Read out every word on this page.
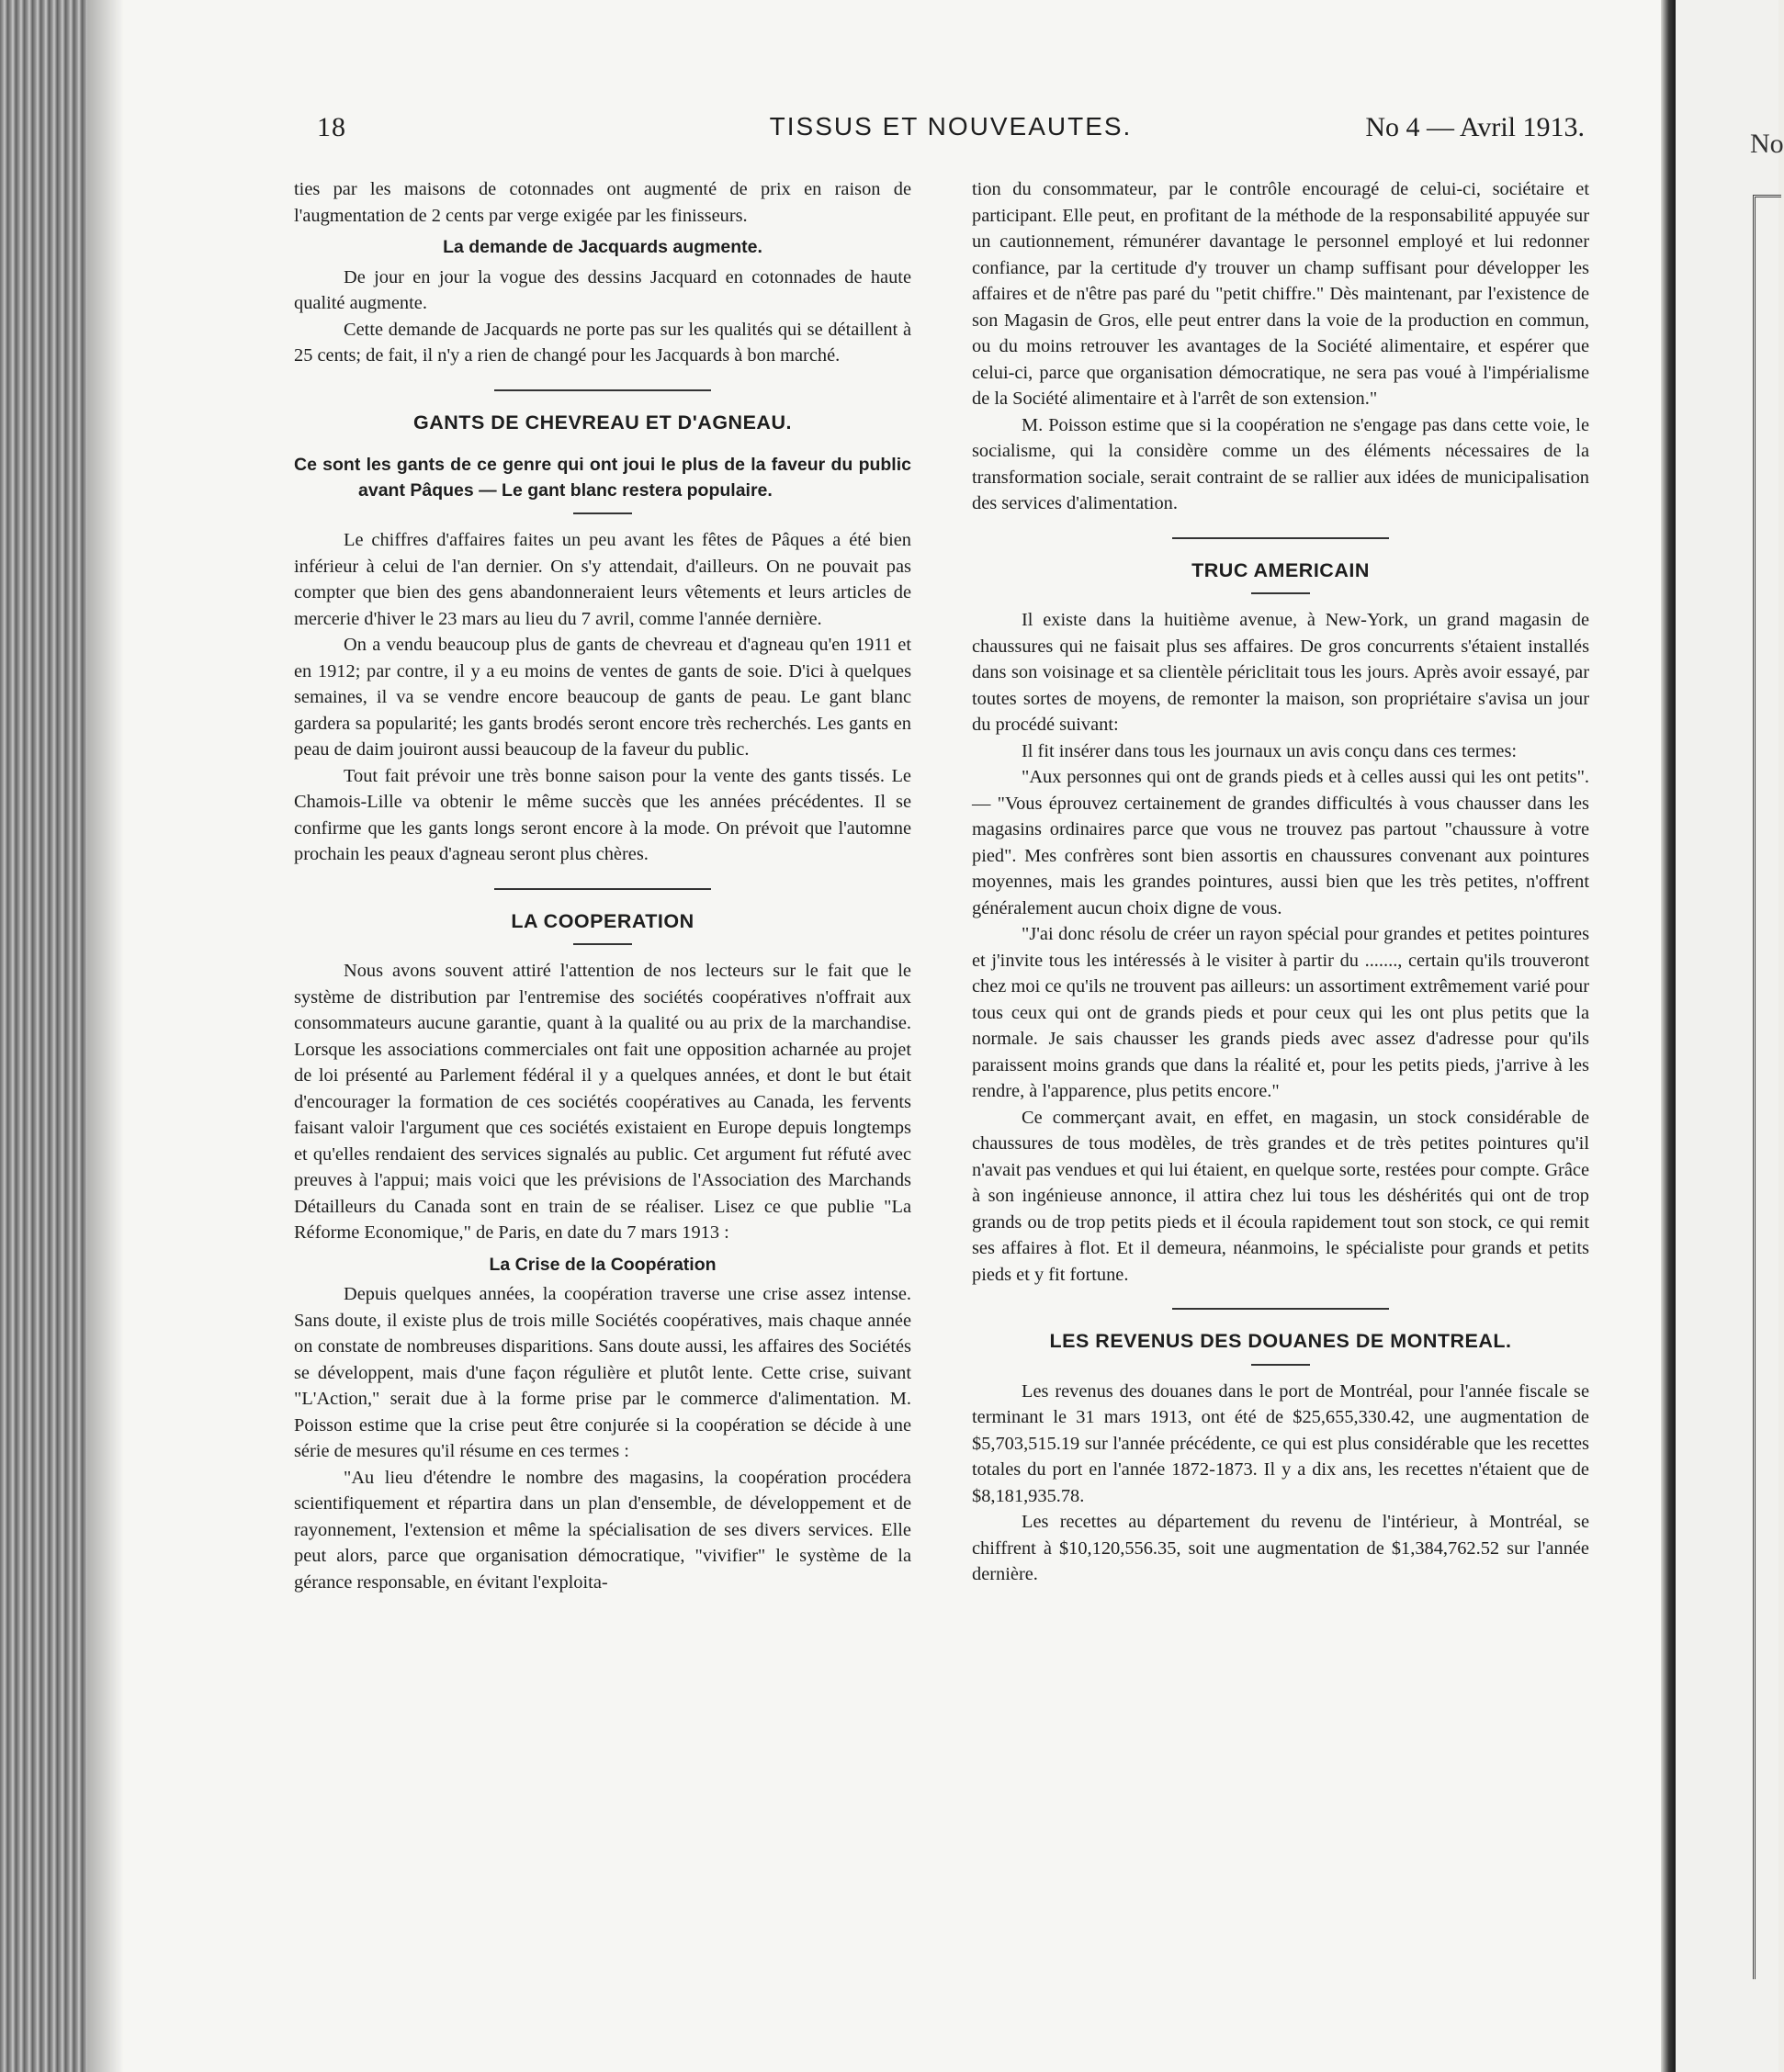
No
18	TISSUS ET NOUVEAUTES.	No 4 — Avril 1913.

ties par les maisons de cotonnades ont augmenté de prix en raison de l'augmentation de 2 cents par verge exigée par les finisseurs.

La demande de Jacquards augmente.

De jour en jour la vogue des dessins Jacquard en cotonnades de haute qualité augmente.

Cette demande de Jacquards ne porte pas sur les qualités qui se détaillent à 25 cents; de fait, il n'y a rien de changé pour les Jacquards à bon marché.

GANTS DE CHEVREAU ET D'AGNEAU.
Ce sont les gants de ce genre qui ont joui le plus de la faveur du public avant Pâques — Le gant blanc restera populaire.

Le chiffres d'affaires faites un peu avant les fêtes de Pâques a été bien inférieur à celui de l'an dernier. On s'y attendait, d'ailleurs. On ne pouvait pas compter que bien des gens abandonneraient leurs vêtements et leurs articles de mercerie d'hiver le 23 mars au lieu du 7 avril, comme l'année dernière.

On a vendu beaucoup plus de gants de chevreau et d'agneau qu'en 1911 et en 1912; par contre, il y a eu moins de ventes de gants de soie. D'ici à quelques semaines, il va se vendre encore beaucoup de gants de peau. Le gant blanc gardera sa popularité; les gants brodés seront encore très recherchés. Les gants en peau de daim jouiront aussi beaucoup de la faveur du public.

Tout fait prévoir une très bonne saison pour la vente des gants tissés. Le Chamois-Lille va obtenir le même succès que les années précédentes. Il se confirme que les gants longs seront encore à la mode. On prévoit que l'automne prochain les peaux d'agneau seront plus chères.

LA COOPERATION

Nous avons souvent attiré l'attention de nos lecteurs sur le fait que le système de distribution par l'entremise des sociétés coopératives n'offrait aux consommateurs aucune garantie, quant à la qualité ou au prix de la marchandise. Lorsque les associations commerciales ont fait une opposition acharnée au projet de loi présenté au Parlement fédéral il y a quelques années, et dont le but était d'encourager la formation de ces sociétés coopératives au Canada, les fervents faisant valoir l'argument que ces sociétés existaient en Europe depuis longtemps et qu'elles rendaient des services signalés au public. Cet argument fut réfuté avec preuves à l'appui; mais voici que les prévisions de l'Association des Marchands Détailleurs du Canada sont en train de se réaliser. Lisez ce que publie "La Réforme Economique," de Paris, en date du 7 mars 1913 :

La Crise de la Coopération

Depuis quelques années, la coopération traverse une crise assez intense. Sans doute, il existe plus de trois mille Sociétés coopératives, mais chaque année on constate de nombreuses disparitions. Sans doute aussi, les affaires des Sociétés se développent, mais d'une façon régulière et plutôt lente. Cette crise, suivant "L'Action," serait due à la forme prise par le commerce d'alimentation. M. Poisson estime que la crise peut être conjurée si la coopération se décide à une série de mesures qu'il résume en ces termes :

"Au lieu d'étendre le nombre des magasins, la coopération procédera scientifiquement et répartira dans un plan d'ensemble, de développement et de rayonnement, l'extension et même la spécialisation de ses divers services. Elle peut alors, parce que organisation démocratique, "vivifier" le système de la gérance responsable, en évitant l'exploita-

tion du consommateur, par le contrôle encouragé de celui-ci, sociétaire et participant. Elle peut, en profitant de la méthode de la responsabilité appuyée sur un cautionnement, rémunérer davantage le personnel employé et lui redonner confiance, par la certitude d'y trouver un champ suffisant pour développer les affaires et de n'être pas paré du "petit chiffre." Dès maintenant, par l'existence de son Magasin de Gros, elle peut entrer dans la voie de la production en commun, ou du moins retrouver les avantages de la Société alimentaire, et espérer que celui-ci, parce que organisation démocratique, ne sera pas voué à l'impérialisme de la Société alimentaire et à l'arrêt de son extension."

M. Poisson estime que si la coopération ne s'engage pas dans cette voie, le socialisme, qui la considère comme un des éléments nécessaires de la transformation sociale, serait contraint de se rallier aux idées de municipalisation des services d'alimentation.

TRUC AMERICAIN

Il existe dans la huitième avenue, à New-York, un grand magasin de chaussures qui ne faisait plus ses affaires. De gros concurrents s'étaient installés dans son voisinage et sa clientèle périclitait tous les jours. Après avoir essayé, par toutes sortes de moyens, de remonter la maison, son propriétaire s'avisa un jour du procédé suivant:

Il fit insérer dans tous les journaux un avis conçu dans ces termes:

"Aux personnes qui ont de grands pieds et à celles aussi qui les ont petits". — "Vous éprouvez certainement de grandes difficultés à vous chausser dans les magasins ordinaires parce que vous ne trouvez pas partout "chaussure à votre pied". Mes confrères sont bien assortis en chaussures convenant aux pointures moyennes, mais les grandes pointures, aussi bien que les très petites, n'offrent généralement aucun choix digne de vous.

"J'ai donc résolu de créer un rayon spécial pour grandes et petites pointures et j'invite tous les intéressés à le visiter à partir du ......., certain qu'ils trouveront chez moi ce qu'ils ne trouvent pas ailleurs: un assortiment extrêmement varié pour tous ceux qui ont de grands pieds et pour ceux qui les ont plus petits que la normale. Je sais chausser les grands pieds avec assez d'adresse pour qu'ils paraissent moins grands que dans la réalité et, pour les petits pieds, j'arrive à les rendre, à l'apparence, plus petits encore."

Ce commerçant avait, en effet, en magasin, un stock considérable de chaussures de tous modèles, de très grandes et de très petites pointures qu'il n'avait pas vendues et qui lui étaient, en quelque sorte, restées pour compte. Grâce à son ingénieuse annonce, il attira chez lui tous les déshérités qui ont de trop grands ou de trop petits pieds et il écoula rapidement tout son stock, ce qui remit ses affaires à flot. Et il demeura, néanmoins, le spécialiste pour grands et petits pieds et y fit fortune.

LES REVENUS DES DOUANES DE MONTREAL.

Les revenus des douanes dans le port de Montréal, pour l'année fiscale se terminant le 31 mars 1913, ont été de $25,655,330.42, une augmentation de $5,703,515.19 sur l'année précédente, ce qui est plus considérable que les recettes totales du port en l'année 1872-1873. Il y a dix ans, les recettes n'étaient que de $8,181,935.78.

Les recettes au département du revenu de l'intérieur, à Montréal, se chiffrent à $10,120,556.35, soit une augmentation de $1,384,762.52 sur l'année dernière.
